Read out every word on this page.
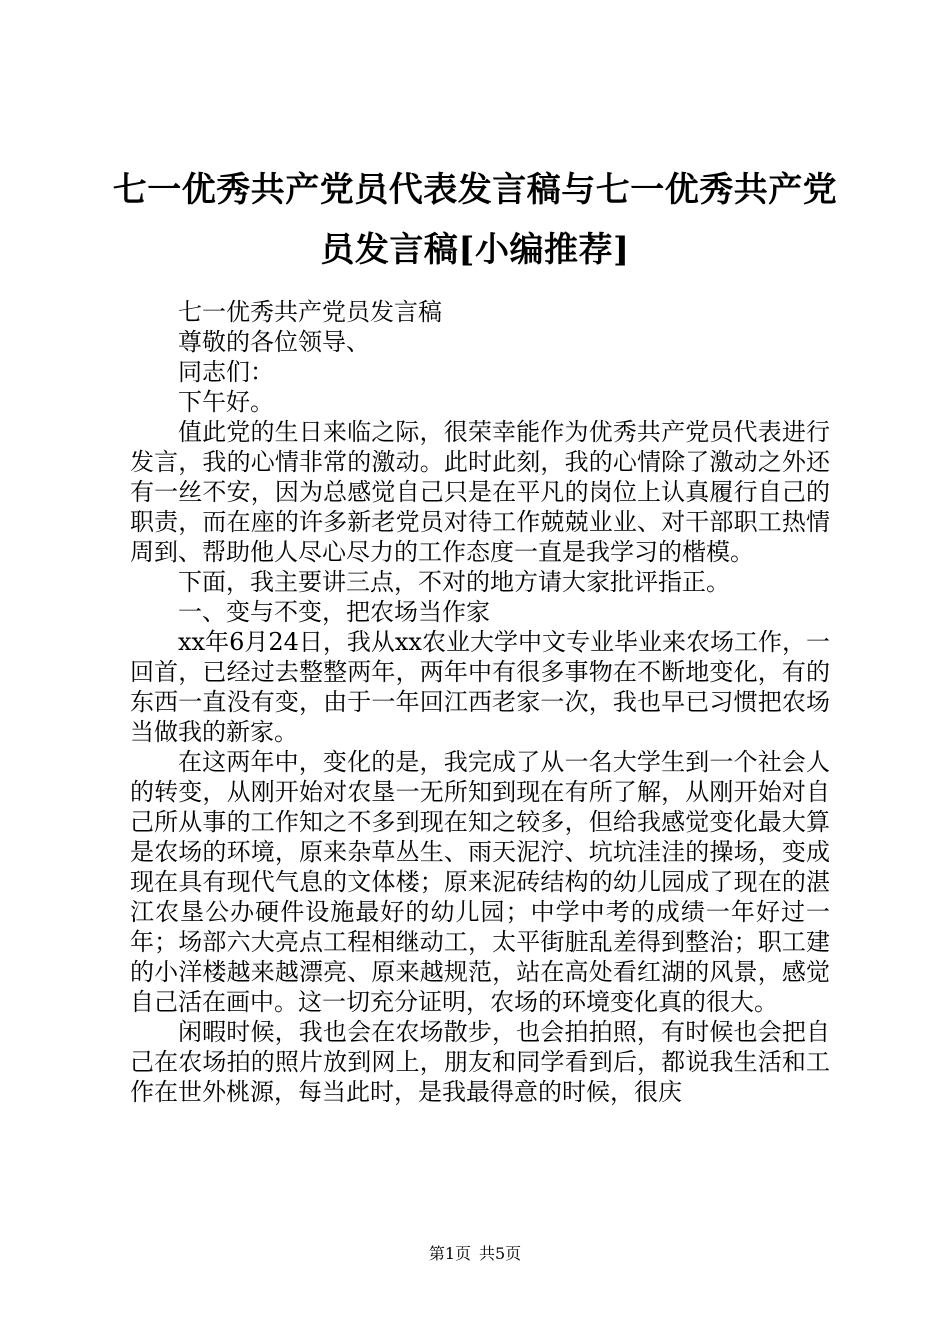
七一优秀共产党员代表发言稿与七一优秀共产党员发言稿[小编推荐]

七一优秀共产党员发言稿

尊敬的各位领导、

同志们：

下午好。

值此党的生日来临之际，很荣幸能作为优秀共产党员代表进行发言，我的心情非常的激动。此时此刻，我的心情除了激动之外还有一丝不安，因为总感觉自己只是在平凡的岗位上认真履行自己的职责，而在座的许多新老党员对待工作兢兢业业、对干部职工热情周到、帮助他人尽心尽力的工作态度一直是我学习的楷模。

下面，我主要讲三点，不对的地方请大家批评指正。

一、变与不变，把农场当作家

xx年6月24日，我从xx农业大学中文专业毕业来农场工作，一回首，已经过去整整两年，两年中有很多事物在不断地变化，有的东西一直没有变，由于一年回江西老家一次，我也早已习惯把农场当做我的新家。

在这两年中，变化的是，我完成了从一名大学生到一个社会人的转变，从刚开始对农垦一无所知到现在有所了解，从刚开始对自己所从事的工作知之不多到现在知之较多，但给我感觉变化最大算是农场的环境，原来杂草丛生、雨天泥泞、坑坑洼洼的操场，变成现在具有现代气息的文体楼；原来泥砖结构的幼儿园成了现在的湛江农垦公办硬件设施最好的幼儿园；中学中考的成绩一年好过一年；场部六大亮点工程相继动工，太平街脏乱差得到整治；职工建的小洋楼越来越漂亮、原来越规范，站在高处看红湖的风景，感觉自己活在画中。这一切充分证明，农场的环境变化真的很大。

闲暇时候，我也会在农场散步，也会拍拍照，有时候也会把自己在农场拍的照片放到网上，朋友和同学看到后，都说我生活和工作在世外桃源，每当此时，是我最得意的时候，很庆

第1页 共5页
